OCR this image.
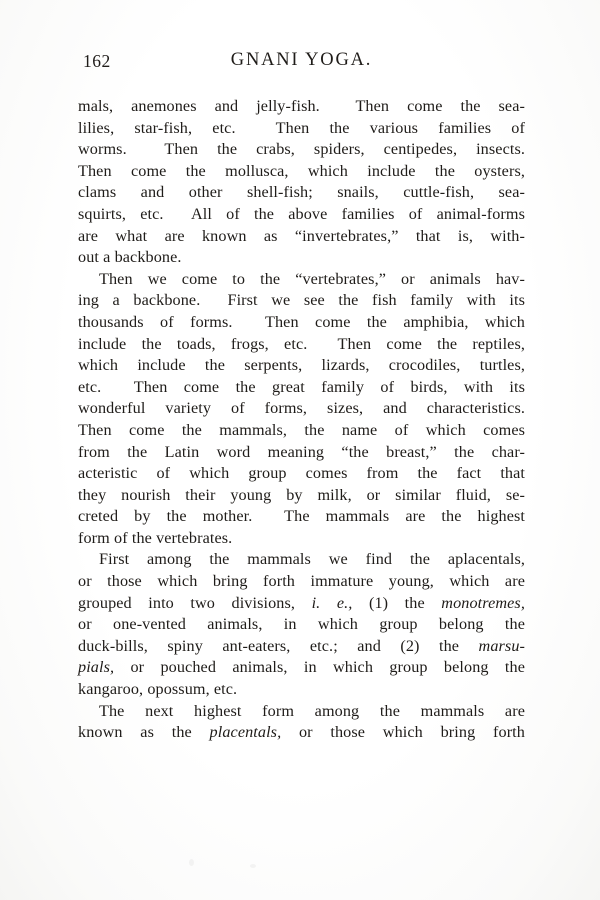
162	GNANI YOGA.
mals, anemones and jelly-fish.  Then come the sea-
lilies, star-fish, etc.  Then the various families of
worms.  Then the crabs, spiders, centipedes, insects.
Then come the mollusca, which include the oysters,
clams and other shell-fish; snails, cuttle-fish, sea-
squirts, etc.  All of the above families of animal-forms
are what are known as “invertebrates,” that is, with-
out a backbone.
Then we come to the “vertebrates,” or animals hav-
ing a backbone.  First we see the fish family with its
thousands of forms.  Then come the amphibia, which
include the toads, frogs, etc.  Then come the reptiles,
which include the serpents, lizards, crocodiles, turtles,
etc.  Then come the great family of birds, with its
wonderful variety of forms, sizes, and characteristics.
Then come the mammals, the name of which comes
from the Latin word meaning “the breast,” the char-
acteristic of which group comes from the fact that
they nourish their young by milk, or similar fluid, se-
creted by the mother.  The mammals are the highest
form of the vertebrates.
First among the mammals we find the aplacentals,
or those which bring forth immature young, which are
grouped into two divisions, i. e., (1) the monotremes,
or one-vented animals, in which group belong the
duck-bills, spiny ant-eaters, etc.; and (2) the marsu-
pials, or pouched animals, in which group belong the
kangaroo, opossum, etc.
The next highest form among the mammals are
known as the placentals, or those which bring forth
